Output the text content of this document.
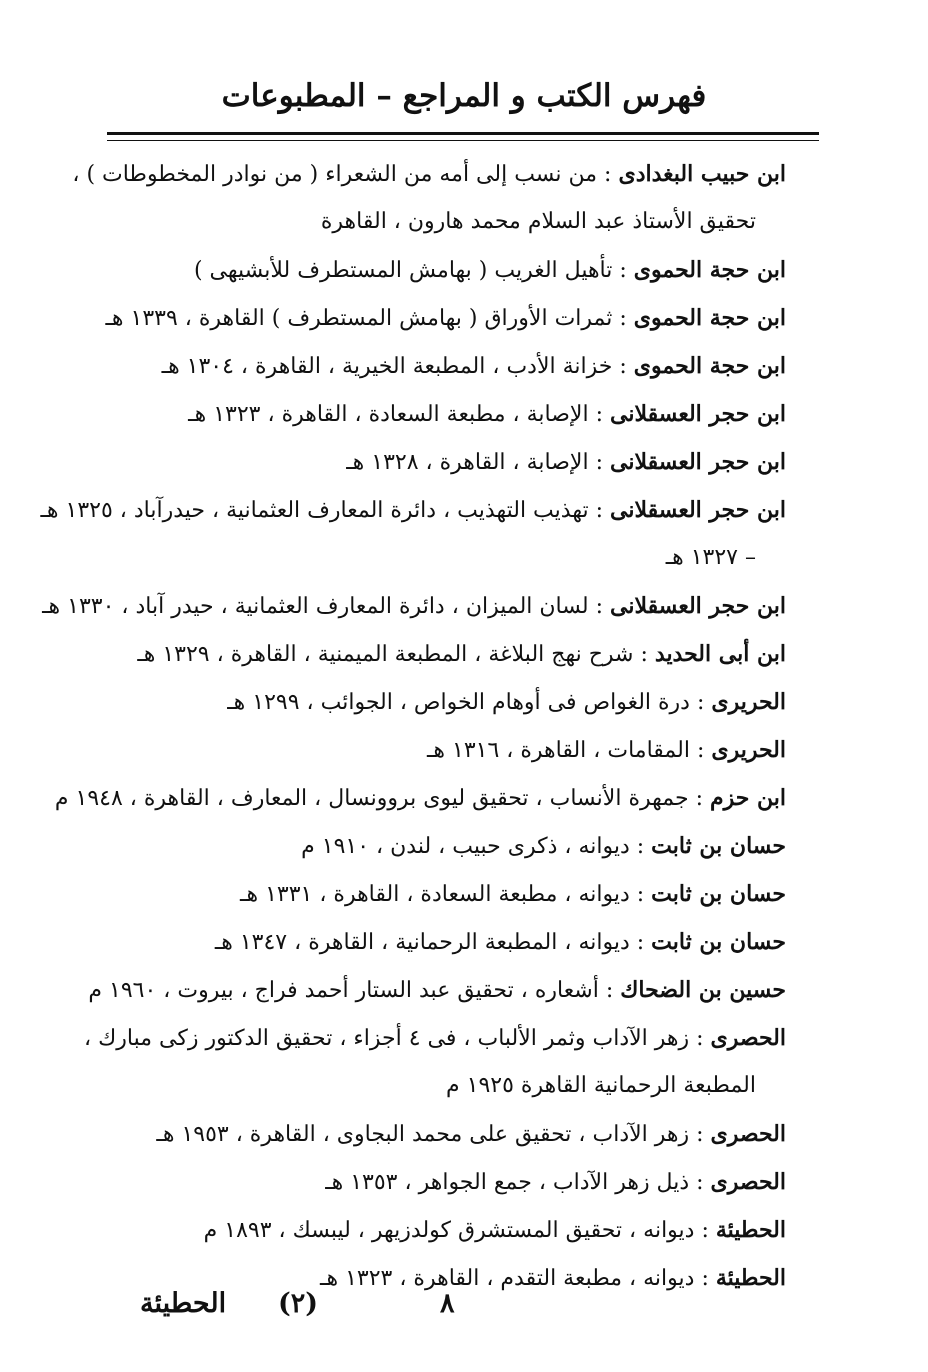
فهرس الكتب و المراجع – المطبوعات
ابن حبيب البغدادى : من نسب إلى أمه من الشعراء ( من نوادر المخطوطات ) ،
تحقيق الأستاذ عبد السلام محمد هارون ، القاهرة
ابن حجة الحموى : تأهيل الغريب ( بهامش المستطرف للأبشيهى )
ابن حجة الحموى : ثمرات الأوراق ( بهامش المستطرف ) القاهرة ، ١٣٣٩ هـ
ابن حجة الحموى : خزانة الأدب ، المطبعة الخيرية ، القاهرة ، ١٣٠٤ هـ
ابن حجر العسقلانى : الإصابة ، مطبعة السعادة ، القاهرة ، ١٣٢٣ هـ
ابن حجر العسقلانى : الإصابة ، القاهرة ، ١٣٢٨ هـ
ابن حجر العسقلانى : تهذيب التهذيب ، دائرة المعارف العثمانية ، حيدرآباد ، ١٣٢٥ هـ
– ١٣٢٧ هـ
ابن حجر العسقلانى : لسان الميزان ، دائرة المعارف العثمانية ، حيدر آباد ، ١٣٣٠ هـ
ابن أبى الحديد : شرح نهج البلاغة ، المطبعة الميمنية ، القاهرة ، ١٣٢٩ هـ
الحريرى : درة الغواص فى أوهام الخواص ، الجوائب ، ١٢٩٩ هـ
الحريرى : المقامات ، القاهرة ، ١٣١٦ هـ
ابن حزم : جمهرة الأنساب ، تحقيق ليوى بروونسال ، المعارف ، القاهرة ، ١٩٤٨ م
حسان بن ثابت : ديوانه ، ذكرى حبيب ، لندن ، ١٩١٠ م
حسان بن ثابت : ديوانه ، مطبعة السعادة ، القاهرة ، ١٣٣١ هـ
حسان بن ثابت : ديوانه ، المطبعة الرحمانية ، القاهرة ، ١٣٤٧ هـ
حسين بن الضحاك : أشعاره ، تحقيق عبد الستار أحمد فراج ، بيروت ، ١٩٦٠ م
الحصرى : زهر الآداب وثمر الألباب ، فى ٤ أجزاء ، تحقيق الدكتور زكى مبارك ،
المطبعة الرحمانية القاهرة ١٩٢٥ م
الحصرى : زهر الآداب ، تحقيق على محمد البجاوى ، القاهرة ، ١٩٥٣ هـ
الحصرى : ذيل زهر الآداب ، جمع الجواهر ، ١٣٥٣ هـ
الحطيئة : ديوانه ، تحقيق المستشرق كولدزيهر ، ليبسك ، ١٨٩٣ م
الحطيئة : ديوانه ، مطبعة التقدم ، القاهرة ، ١٣٢٣ هـ
٨
(٢)
الحطيئة
